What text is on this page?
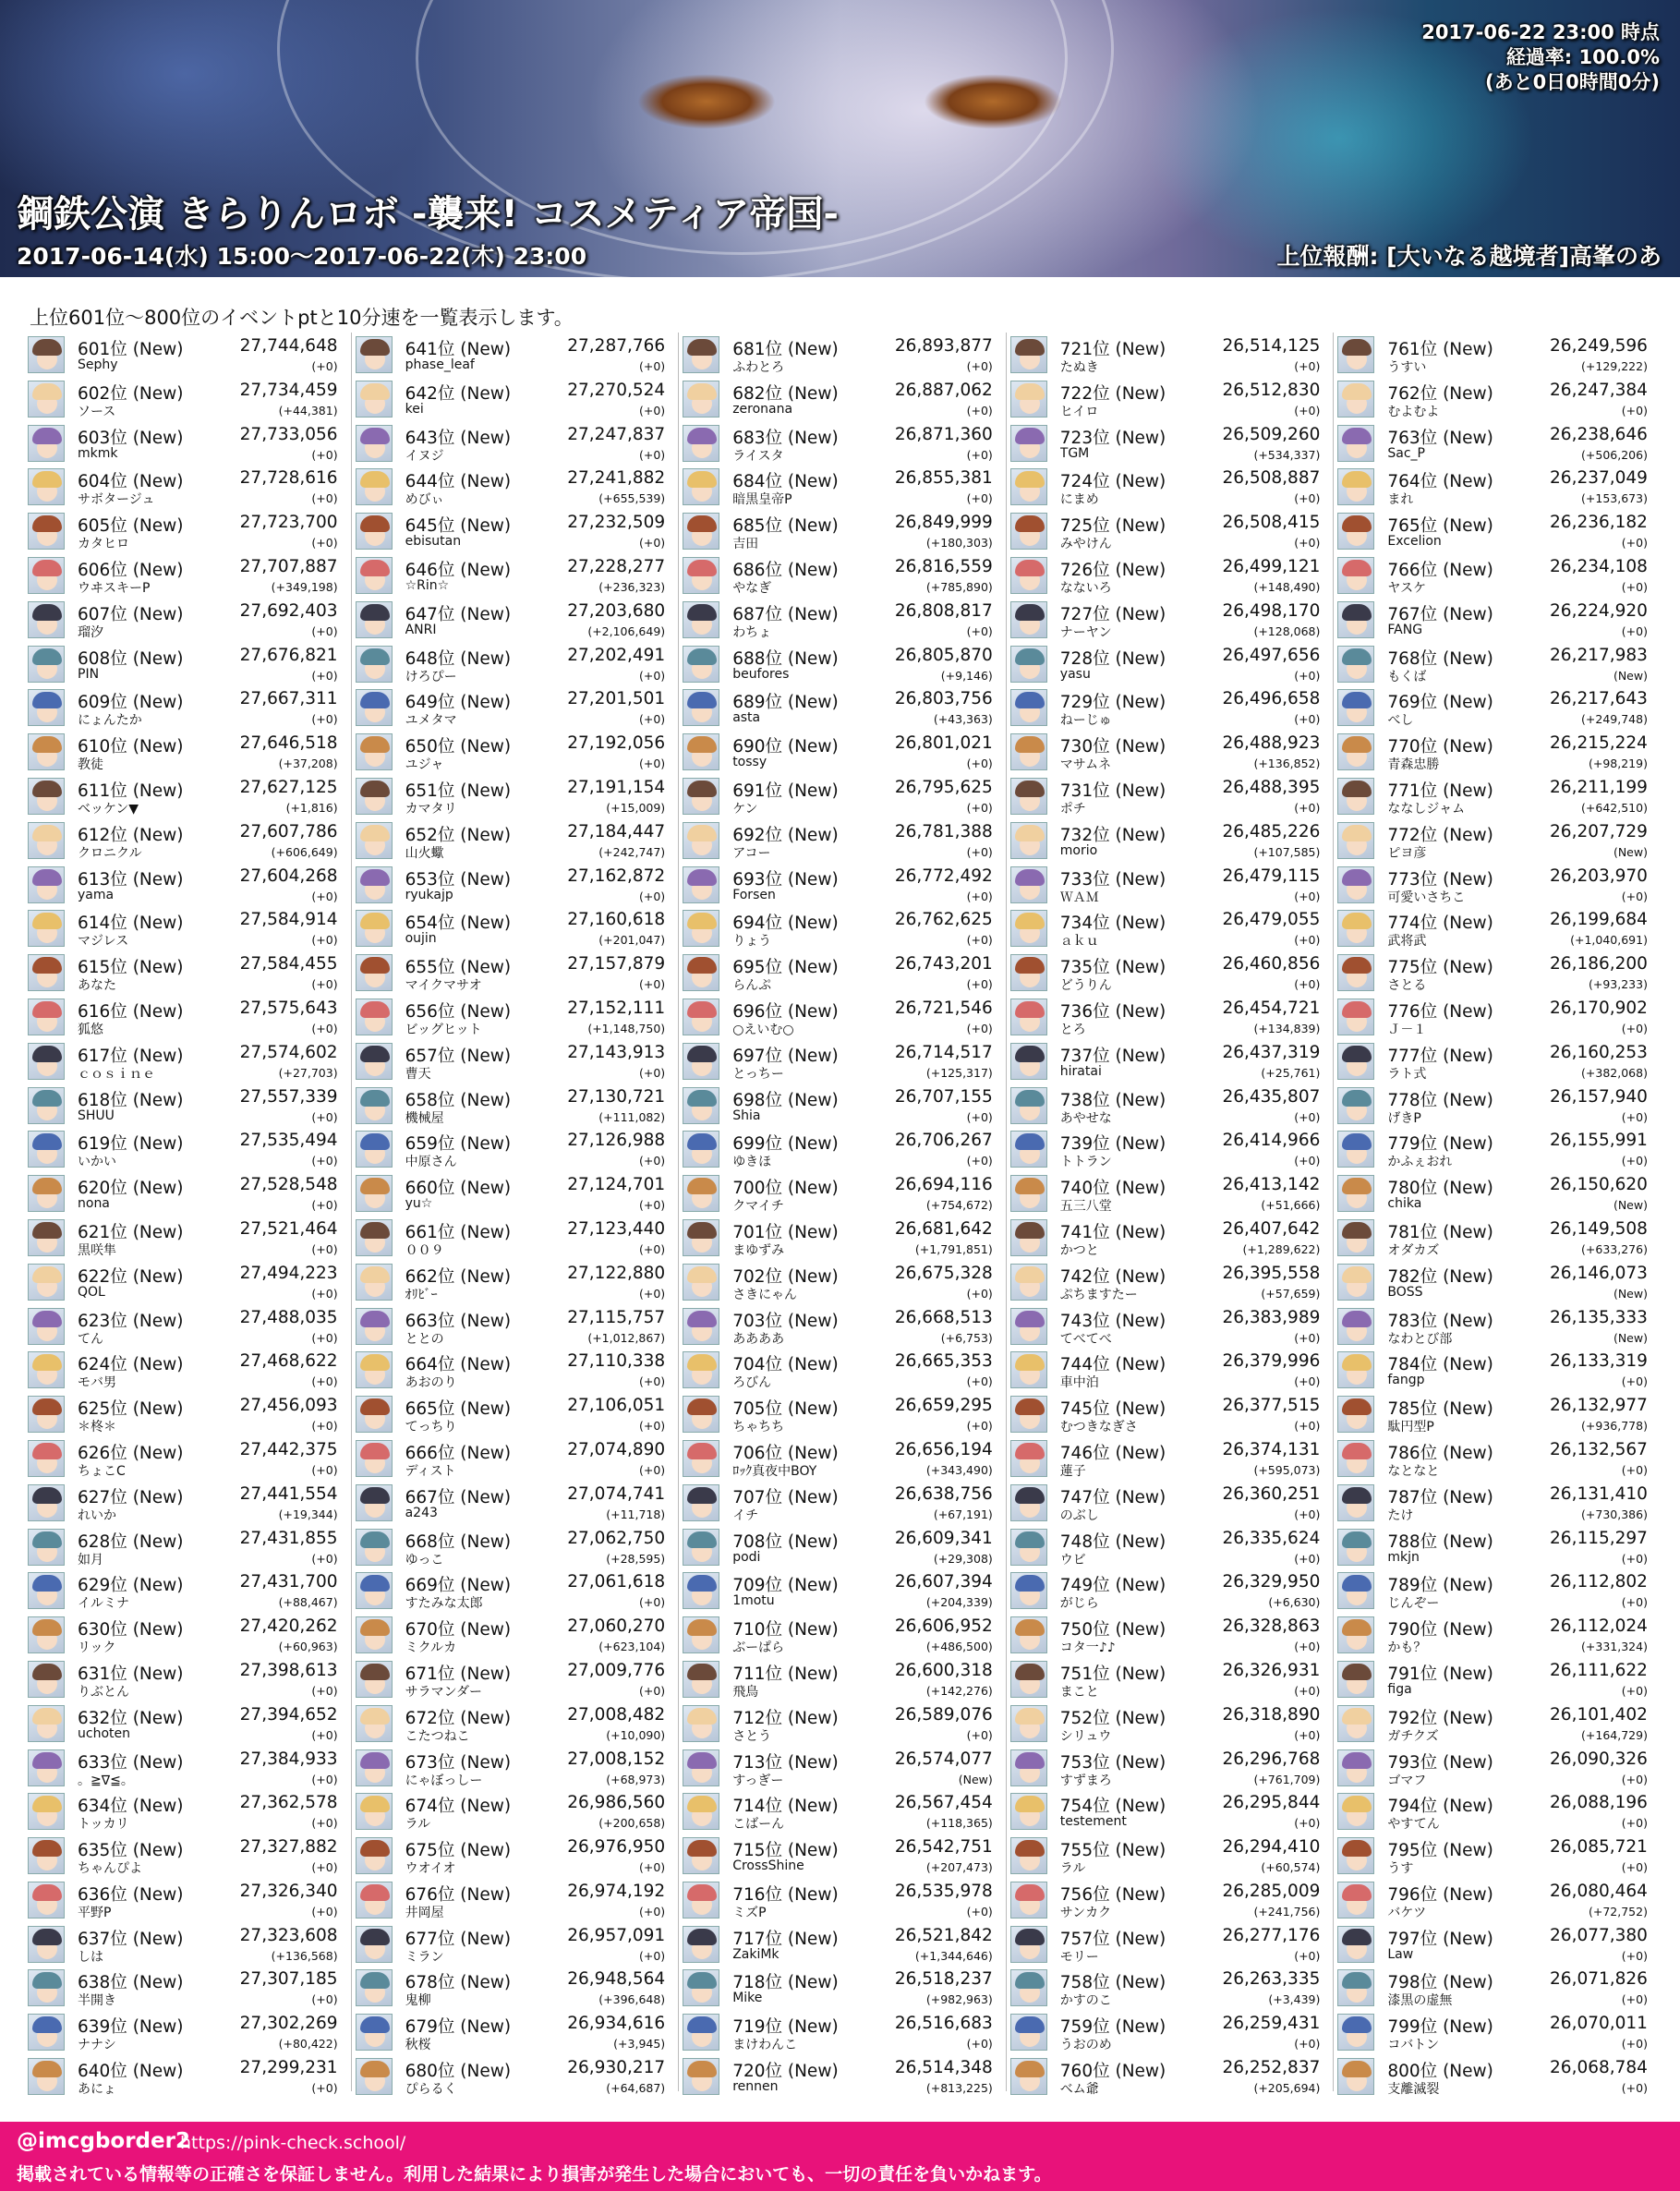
2017-06-22 23:00 時点
経過率: 100.0%
(あと0日0時間0分)
鋼鉄公演 きらりんロボ -襲来! コスメティア帝国-
2017-06-14(水) 15:00～2017-06-22(木) 23:00	上位報酬: [大いなる越境者]高峯のあ
上位601位～800位のイベントptと10分速を一覧表示します。
601位 (New)	27,744,648
Sephy	(+0)
602位 (New)	27,734,459
ソース	(+44,381)
603位 (New)	27,733,056
mkmk	(+0)
604位 (New)	27,728,616
サボタージュ	(+0)
605位 (New)	27,723,700
カタヒロ	(+0)
606位 (New)	27,707,887
ウヰスキーP	(+349,198)
607位 (New)	27,692,403
瑠汐	(+0)
608位 (New)	27,676,821
PIN	(+0)
609位 (New)	27,667,311
にょんたか	(+0)
610位 (New)	27,646,518
教徒	(+37,208)
611位 (New)	27,627,125
ベッケン▼	(+1,816)
612位 (New)	27,607,786
クロニクル	(+606,649)
613位 (New)	27,604,268
yama	(+0)
614位 (New)	27,584,914
マジレス	(+0)
615位 (New)	27,584,455
あなた	(+0)
616位 (New)	27,575,643
狐悠	(+0)
617位 (New)	27,574,602
ｃｏｓｉｎｅ	(+27,703)
618位 (New)	27,557,339
SHUU	(+0)
619位 (New)	27,535,494
いかい	(+0)
620位 (New)	27,528,548
nona	(+0)
621位 (New)	27,521,464
黒咲隼	(+0)
622位 (New)	27,494,223
QOL	(+0)
623位 (New)	27,488,035
てん	(+0)
624位 (New)	27,468,622
モバ男	(+0)
625位 (New)	27,456,093
＊柊＊	(+0)
626位 (New)	27,442,375
ちょこC	(+0)
627位 (New)	27,441,554
れいか	(+19,344)
628位 (New)	27,431,855
如月	(+0)
629位 (New)	27,431,700
イルミナ	(+88,467)
630位 (New)	27,420,262
リック	(+60,963)
631位 (New)	27,398,613
りぶとん	(+0)
632位 (New)	27,394,652
uchoten	(+0)
633位 (New)	27,384,933
。≧∇≦。	(+0)
634位 (New)	27,362,578
トッカリ	(+0)
635位 (New)	27,327,882
ちゃんぴよ	(+0)
636位 (New)	27,326,340
平野P	(+0)
637位 (New)	27,323,608
しは	(+136,568)
638位 (New)	27,307,185
半開き	(+0)
639位 (New)	27,302,269
ナナシ	(+80,422)
640位 (New)	27,299,231
あにょ	(+0)
641位 (New)	27,287,766
phase_leaf	(+0)
642位 (New)	27,270,524
kei	(+0)
643位 (New)	27,247,837
イヌジ	(+0)
644位 (New)	27,241,882
めびぃ	(+655,539)
645位 (New)	27,232,509
ebisutan	(+0)
646位 (New)	27,228,277
☆Rin☆	(+236,323)
647位 (New)	27,203,680
ANRI	(+2,106,649)
648位 (New)	27,202,491
けろぴー	(+0)
649位 (New)	27,201,501
ユメタマ	(+0)
650位 (New)	27,192,056
ユジャ	(+0)
651位 (New)	27,191,154
カマタリ	(+15,009)
652位 (New)	27,184,447
山火蠍	(+242,747)
653位 (New)	27,162,872
ryukajp	(+0)
654位 (New)	27,160,618
oujin	(+201,047)
655位 (New)	27,157,879
マイクマサオ	(+0)
656位 (New)	27,152,111
ビッグヒット	(+1,148,750)
657位 (New)	27,143,913
曹天	(+0)
658位 (New)	27,130,721
機械屋	(+111,082)
659位 (New)	27,126,988
中原さん	(+0)
660位 (New)	27,124,701
yu☆	(+0)
661位 (New)	27,123,440
００９	(+0)
662位 (New)	27,122,880
ｵﾘﾋﾞｰ	(+0)
663位 (New)	27,115,757
ととの	(+1,012,867)
664位 (New)	27,110,338
あおのり	(+0)
665位 (New)	27,106,051
てっちり	(+0)
666位 (New)	27,074,890
ディスト	(+0)
667位 (New)	27,074,741
a243	(+11,718)
668位 (New)	27,062,750
ゆっこ	(+28,595)
669位 (New)	27,061,618
すたみな太郎	(+0)
670位 (New)	27,060,270
ミクルカ	(+623,104)
671位 (New)	27,009,776
サラマンダー	(+0)
672位 (New)	27,008,482
こたつねこ	(+10,090)
673位 (New)	27,008,152
にゃぼっしー	(+68,973)
674位 (New)	26,986,560
ラル	(+200,658)
675位 (New)	26,976,950
ウオイオ	(+0)
676位 (New)	26,974,192
井岡屋	(+0)
677位 (New)	26,957,091
ミラン	(+0)
678位 (New)	26,948,564
鬼柳	(+396,648)
679位 (New)	26,934,616
秋桜	(+3,945)
680位 (New)	26,930,217
ぴらるく	(+64,687)
681位 (New)	26,893,877
ふわとろ	(+0)
682位 (New)	26,887,062
zeronana	(+0)
683位 (New)	26,871,360
ライスタ	(+0)
684位 (New)	26,855,381
暗黒皇帝P	(+0)
685位 (New)	26,849,999
吉田	(+180,303)
686位 (New)	26,816,559
やなぎ	(+785,890)
687位 (New)	26,808,817
わちょ	(+0)
688位 (New)	26,805,870
beufores	(+9,146)
689位 (New)	26,803,756
asta	(+43,363)
690位 (New)	26,801,021
tossy	(+0)
691位 (New)	26,795,625
ケン	(+0)
692位 (New)	26,781,388
アコー	(+0)
693位 (New)	26,772,492
Forsen	(+0)
694位 (New)	26,762,625
りょう	(+0)
695位 (New)	26,743,201
らんぷ	(+0)
696位 (New)	26,721,546
○えいむ○	(+0)
697位 (New)	26,714,517
とっちー	(+125,317)
698位 (New)	26,707,155
Shia	(+0)
699位 (New)	26,706,267
ゆきほ	(+0)
700位 (New)	26,694,116
クマイチ	(+754,672)
701位 (New)	26,681,642
まゆずみ	(+1,791,851)
702位 (New)	26,675,328
さきにゃん	(+0)
703位 (New)	26,668,513
ああああ	(+6,753)
704位 (New)	26,665,353
ろびん	(+0)
705位 (New)	26,659,295
ちゃちち	(+0)
706位 (New)	26,656,194
ﾛｯｸ真夜中BOY	(+343,490)
707位 (New)	26,638,756
イチ	(+67,191)
708位 (New)	26,609,341
podi	(+29,308)
709位 (New)	26,607,394
1motu	(+204,339)
710位 (New)	26,606,952
ぶーぱら	(+486,500)
711位 (New)	26,600,318
飛鳥	(+142,276)
712位 (New)	26,589,076
さとう	(+0)
713位 (New)	26,574,077
すっぎー	(New)
714位 (New)	26,567,454
こばーん	(+118,365)
715位 (New)	26,542,751
CrossShine	(+207,473)
716位 (New)	26,535,978
ミズP	(+0)
717位 (New)	26,521,842
ZakiMk	(+1,344,646)
718位 (New)	26,518,237
Mike	(+982,963)
719位 (New)	26,516,683
まけわんこ	(+0)
720位 (New)	26,514,348
rennen	(+813,225)
721位 (New)	26,514,125
たぬき	(+0)
722位 (New)	26,512,830
ヒイロ	(+0)
723位 (New)	26,509,260
TGM	(+534,337)
724位 (New)	26,508,887
にまめ	(+0)
725位 (New)	26,508,415
みやけん	(+0)
726位 (New)	26,499,121
なないろ	(+148,490)
727位 (New)	26,498,170
ナーヤン	(+128,068)
728位 (New)	26,497,656
yasu	(+0)
729位 (New)	26,496,658
ねーじゅ	(+0)
730位 (New)	26,488,923
マサムネ	(+136,852)
731位 (New)	26,488,395
ポチ	(+0)
732位 (New)	26,485,226
morio	(+107,585)
733位 (New)	26,479,115
ＷＡＭ	(+0)
734位 (New)	26,479,055
ａｋｕ	(+0)
735位 (New)	26,460,856
どうりん	(+0)
736位 (New)	26,454,721
とろ	(+134,839)
737位 (New)	26,437,319
hiratai	(+25,761)
738位 (New)	26,435,807
あやせな	(+0)
739位 (New)	26,414,966
トトラン	(+0)
740位 (New)	26,413,142
五三八堂	(+51,666)
741位 (New)	26,407,642
かつと	(+1,289,622)
742位 (New)	26,395,558
ぷちますたー	(+57,659)
743位 (New)	26,383,989
てべてべ	(+0)
744位 (New)	26,379,996
車中泊	(+0)
745位 (New)	26,377,515
むつきなぎさ	(+0)
746位 (New)	26,374,131
蓮子	(+595,073)
747位 (New)	26,360,251
のぶし	(+0)
748位 (New)	26,335,624
ウビ	(+0)
749位 (New)	26,329,950
がじら	(+6,630)
750位 (New)	26,328,863
コタ一♪♪	(+0)
751位 (New)	26,326,931
まこと	(+0)
752位 (New)	26,318,890
シリュウ	(+0)
753位 (New)	26,296,768
すずまろ	(+761,709)
754位 (New)	26,295,844
testement	(+0)
755位 (New)	26,294,410
ラル	(+60,574)
756位 (New)	26,285,009
サンカク	(+241,756)
757位 (New)	26,277,176
モリー	(+0)
758位 (New)	26,263,335
かすのこ	(+3,439)
759位 (New)	26,259,431
うおのめ	(+0)
760位 (New)	26,252,837
ベム爺	(+205,694)
761位 (New)	26,249,596
うすい	(+129,222)
762位 (New)	26,247,384
むよむよ	(+0)
763位 (New)	26,238,646
Sac_P	(+506,206)
764位 (New)	26,237,049
まれ	(+153,673)
765位 (New)	26,236,182
Excelion	(+0)
766位 (New)	26,234,108
ヤスケ	(+0)
767位 (New)	26,224,920
FANG	(+0)
768位 (New)	26,217,983
もくば	(New)
769位 (New)	26,217,643
べし	(+249,748)
770位 (New)	26,215,224
青森忠勝	(+98,219)
771位 (New)	26,211,199
ななしジャム	(+642,510)
772位 (New)	26,207,729
ピヨ彦	(New)
773位 (New)	26,203,970
可愛いさちこ	(+0)
774位 (New)	26,199,684
武将武	(+1,040,691)
775位 (New)	26,186,200
さとる	(+93,233)
776位 (New)	26,170,902
Ｊ－１	(+0)
777位 (New)	26,160,253
ラト式	(+382,068)
778位 (New)	26,157,940
げきP	(+0)
779位 (New)	26,155,991
かふぇおれ	(+0)
780位 (New)	26,150,620
chika	(New)
781位 (New)	26,149,508
オダカズ	(+633,276)
782位 (New)	26,146,073
BOSS	(New)
783位 (New)	26,135,333
なわとび部	(New)
784位 (New)	26,133,319
fangp	(+0)
785位 (New)	26,132,977
駄円型P	(+936,778)
786位 (New)	26,132,567
なとなと	(+0)
787位 (New)	26,131,410
たけ	(+730,386)
788位 (New)	26,115,297
mkjn	(+0)
789位 (New)	26,112,802
じんぞー	(+0)
790位 (New)	26,112,024
かも？	(+331,324)
791位 (New)	26,111,622
figa	(+0)
792位 (New)	26,101,402
ガチクズ	(+164,729)
793位 (New)	26,090,326
ゴマフ	(+0)
794位 (New)	26,088,196
やすてん	(+0)
795位 (New)	26,085,721
うす	(+0)
796位 (New)	26,080,464
バケツ	(+72,752)
797位 (New)	26,077,380
Law	(+0)
798位 (New)	26,071,826
漆黒の虚無	(+0)
799位 (New)	26,070,011
コバトン	(+0)
800位 (New)	26,068,784
支離滅裂	(+0)
@imcgborder2
https://pink-check.school/
掲載されている情報等の正確さを保証しません。利用した結果により損害が発生した場合においても、一切の責任を負いかねます。
